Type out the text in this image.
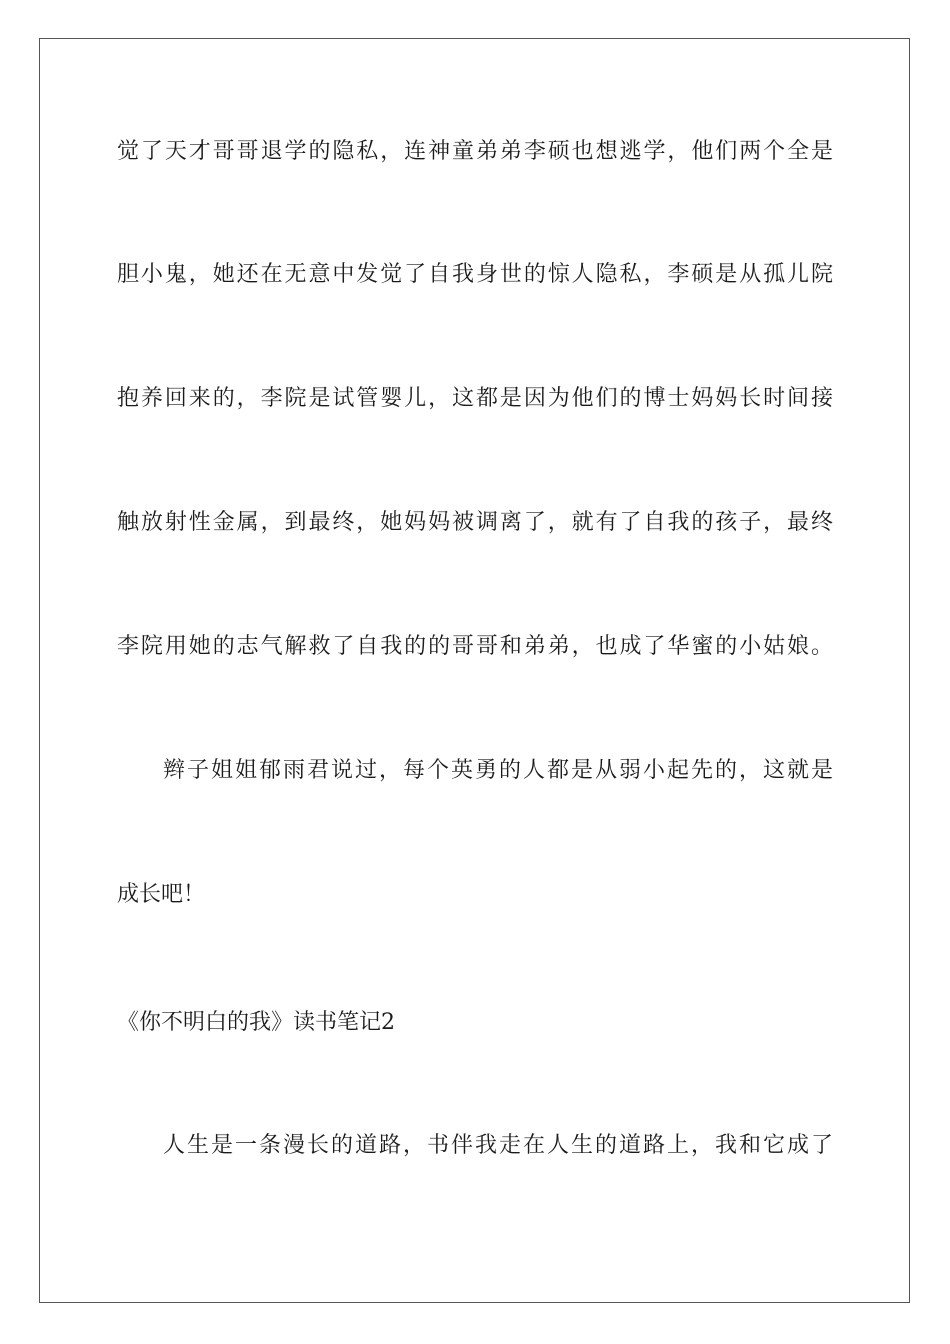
觉了天才哥哥退学的隐私，连神童弟弟李硕也想逃学，他们两个全是
胆小鬼，她还在无意中发觉了自我身世的惊人隐私，李硕是从孤儿院
抱养回来的，李院是试管婴儿，这都是因为他们的博士妈妈长时间接
触放射性金属，到最终，她妈妈被调离了，就有了自我的孩子，最终
李院用她的志气解救了自我的的哥哥和弟弟，也成了华蜜的小姑娘。
辫子姐姐郁雨君说过，每个英勇的人都是从弱小起先的，这就是
成长吧！
《你不明白的我》读书笔记2
人生是一条漫长的道路，书伴我走在人生的道路上，我和它成了
